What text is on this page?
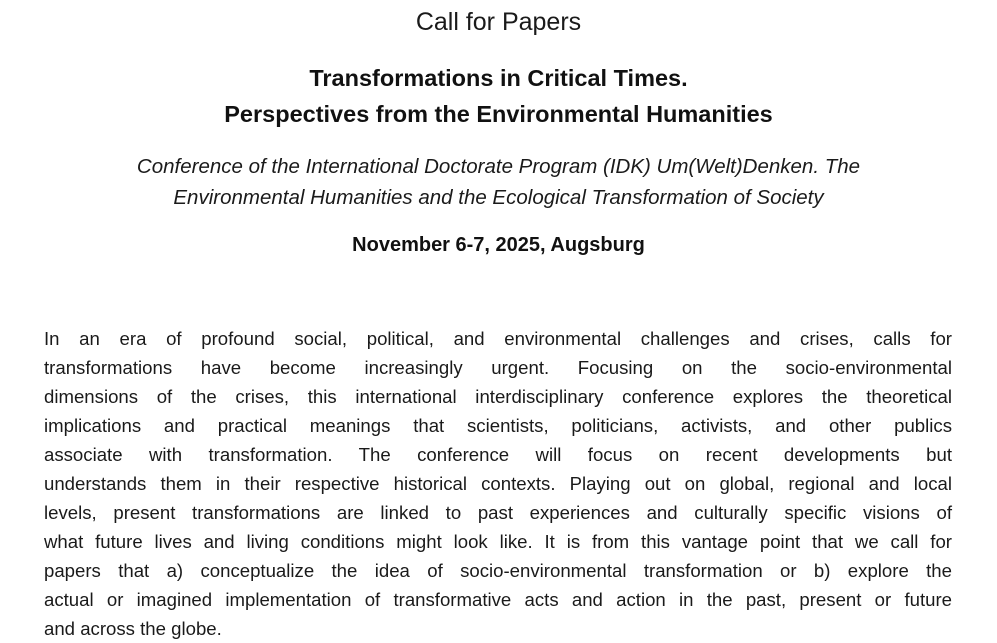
Call for Papers
Transformations in Critical Times.
Perspectives from the Environmental Humanities
Conference of the International Doctorate Program (IDK) Um(Welt)Denken. The
Environmental Humanities and the Ecological Transformation of Society
November 6-7, 2025, Augsburg
In an era of profound social, political, and environmental challenges and crises, calls for
transformations have become increasingly urgent. Focusing on the socio-environmental
dimensions of the crises, this international interdisciplinary conference explores the theoretical
implications and practical meanings that scientists, politicians, activists, and other publics
associate with transformation. The conference will focus on recent developments but
understands them in their respective historical contexts. Playing out on global, regional and local
levels, present transformations are linked to past experiences and culturally specific visions of
what future lives and living conditions might look like. It is from this vantage point that we call for
papers that a) conceptualize the idea of socio-environmental transformation or b) explore the
actual or imagined implementation of transformative acts and action in the past, present or future
and across the globe.
